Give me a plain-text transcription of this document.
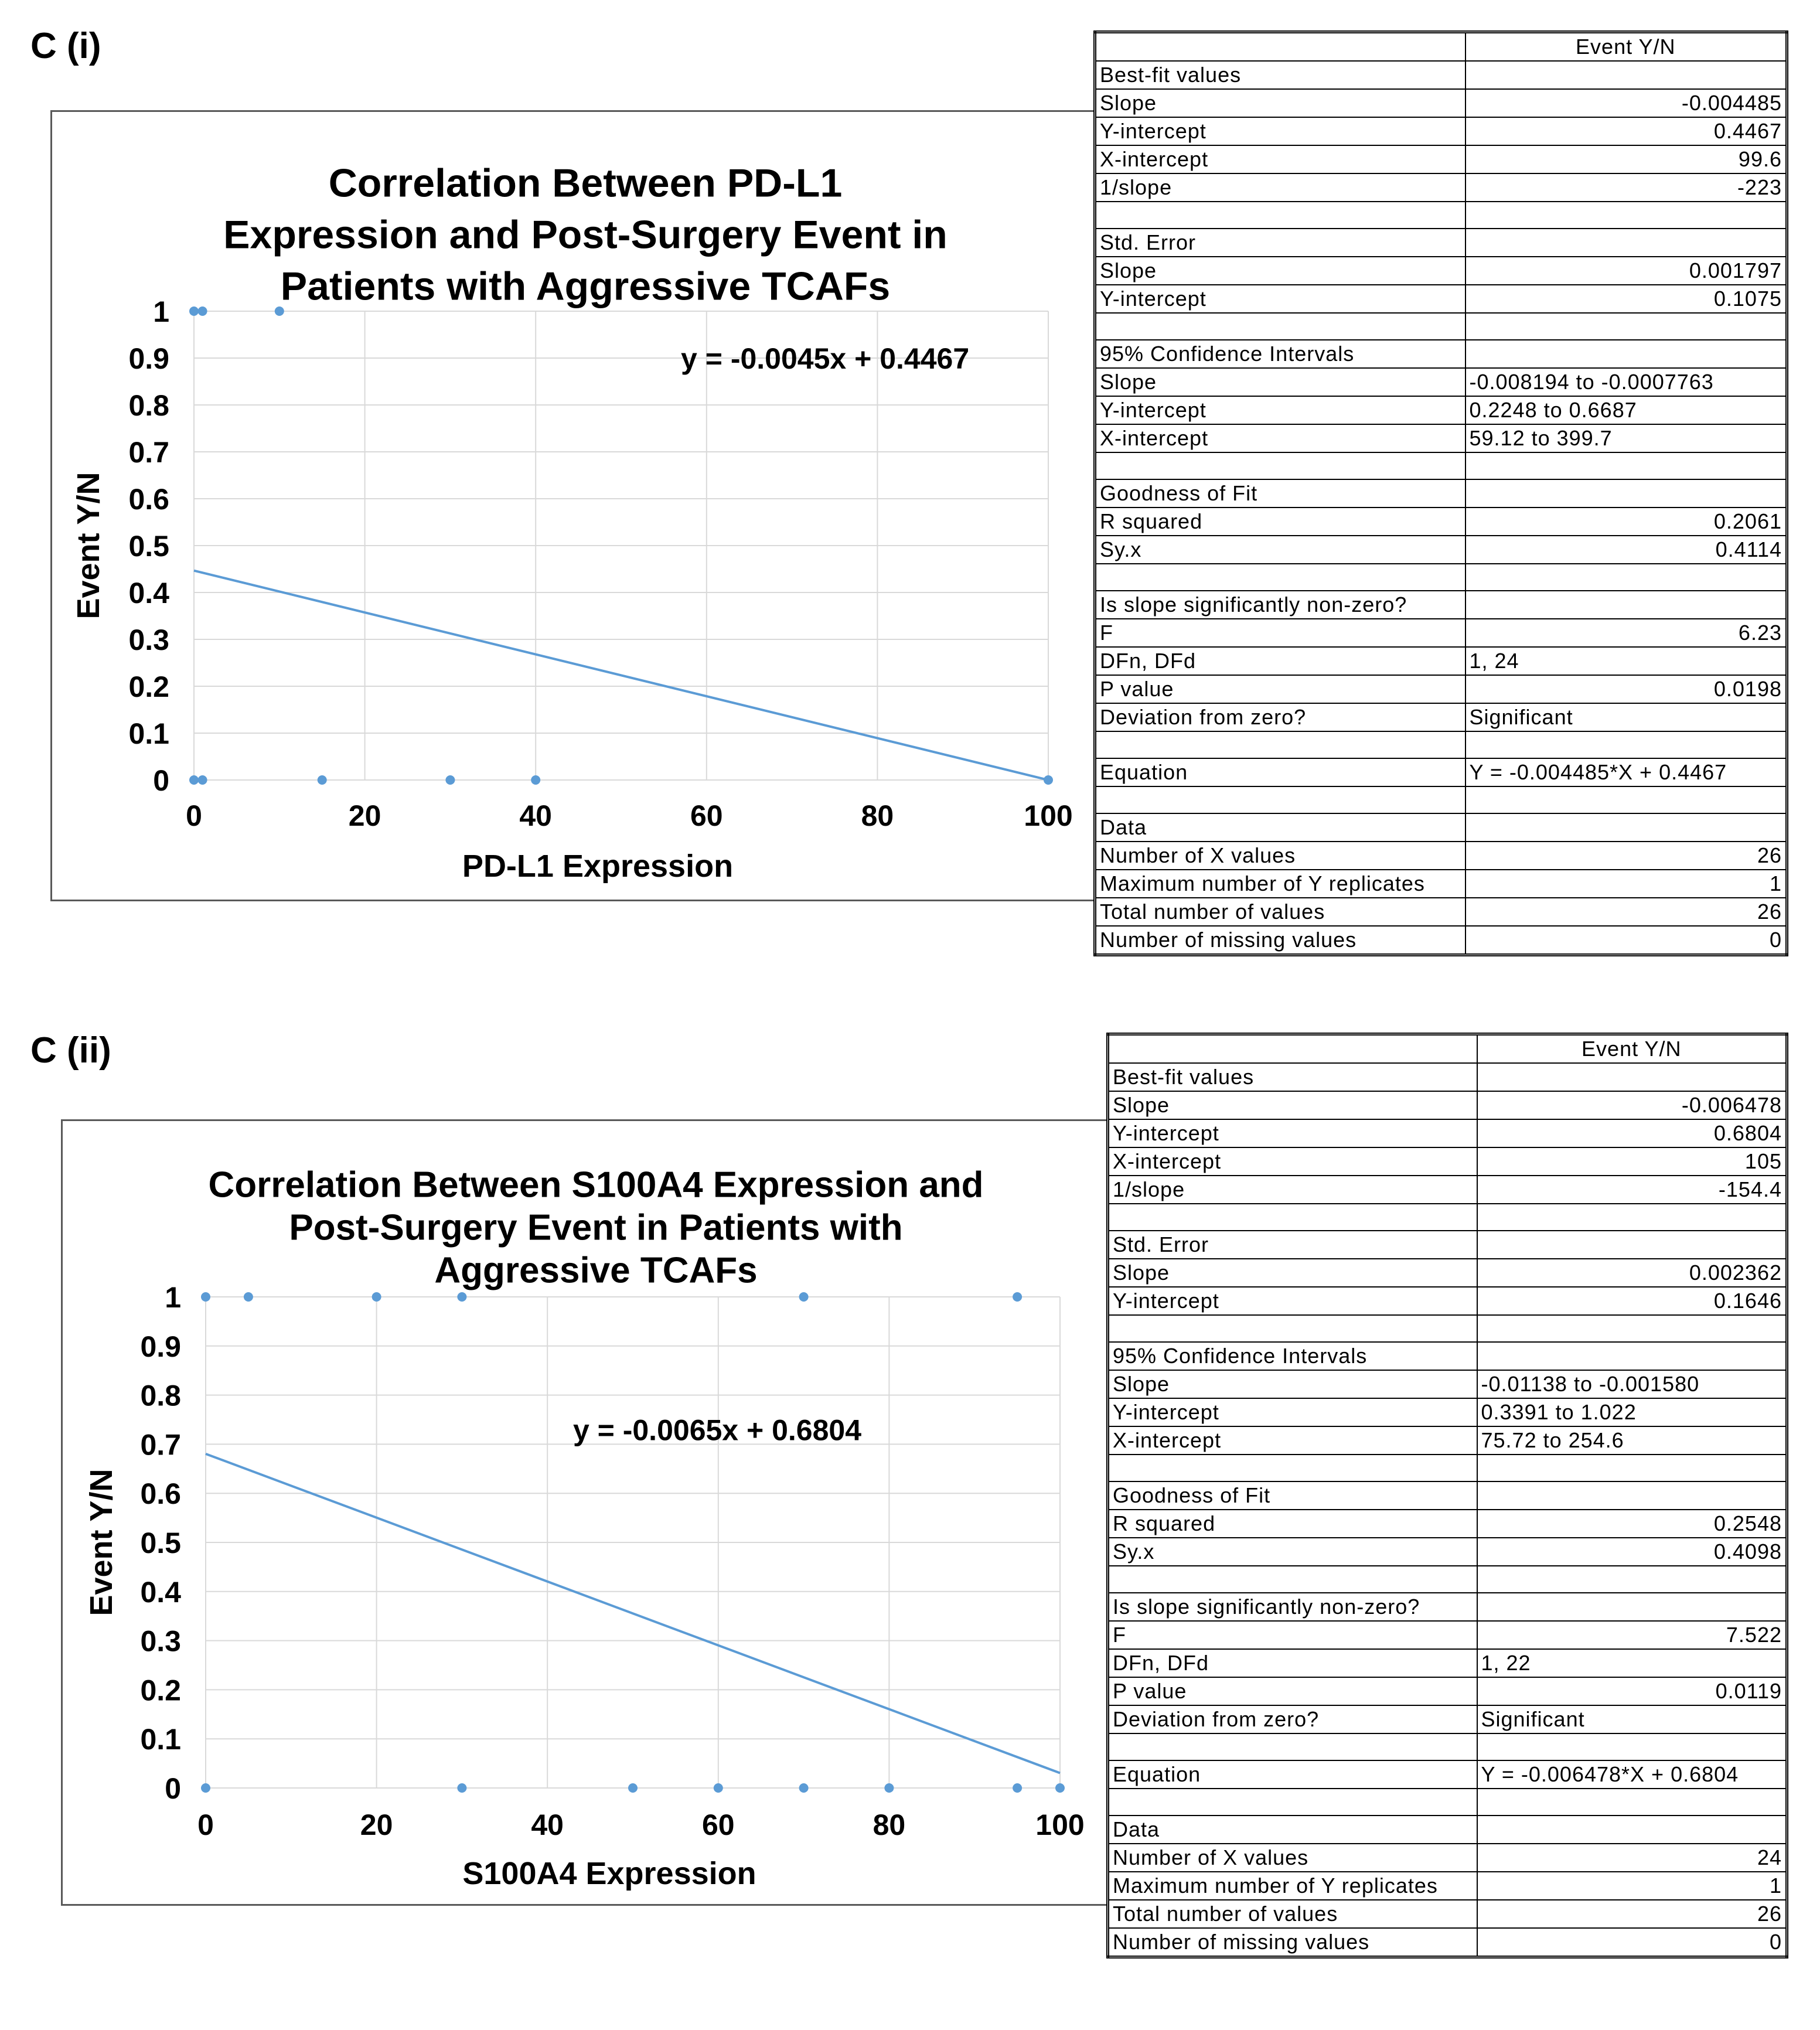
C (i)
Correlation Between PD-L1
Expression and Post-Surgery Event in
Patients with Aggressive TCAFs
0
0.1
0.2
0.3
0.4
0.5
0.6
0.7
0.8
0.9
1
0	20	40	60	80	100
PD-L1 Expression
Event Y/N
y = -0.0045x + 0.4467
	Event Y/N
Best-fit values	
Slope	-0.004485
Y-intercept	0.4467
X-intercept	99.6
1/slope	-223

Std. Error	
Slope	0.001797
Y-intercept	0.1075

95% Confidence Intervals	
Slope	-0.008194 to -0.0007763
Y-intercept	0.2248 to 0.6687
X-intercept	59.12 to 399.7

Goodness of Fit	
R squared	0.2061
Sy.x	0.4114

Is slope significantly non-zero?	
F	6.23
DFn, DFd	1, 24
P value	0.0198
Deviation from zero?	Significant

Equation	Y = -0.004485*X + 0.4467

Data	
Number of X values	26
Maximum number of Y replicates	1
Total number of values	26
Number of missing values	0
C (ii)
Correlation Between S100A4 Expression and
Post-Surgery Event in Patients with
Aggressive TCAFs
0
0.1
0.2
0.3
0.4
0.5
0.6
0.7
0.8
0.9
1
0	20	40	60	80	100
S100A4 Expression
Event Y/N
y = -0.0065x + 0.6804
	Event Y/N
Best-fit values	
Slope	-0.006478
Y-intercept	0.6804
X-intercept	105
1/slope	-154.4

Std. Error	
Slope	0.002362
Y-intercept	0.1646

95% Confidence Intervals	
Slope	-0.01138 to -0.001580
Y-intercept	0.3391 to 1.022
X-intercept	75.72 to 254.6

Goodness of Fit	
R squared	0.2548
Sy.x	0.4098

Is slope significantly non-zero?	
F	7.522
DFn, DFd	1, 22
P value	0.0119
Deviation from zero?	Significant

Equation	Y = -0.006478*X + 0.6804

Data	
Number of X values	24
Maximum number of Y replicates	1
Total number of values	26
Number of missing values	0
